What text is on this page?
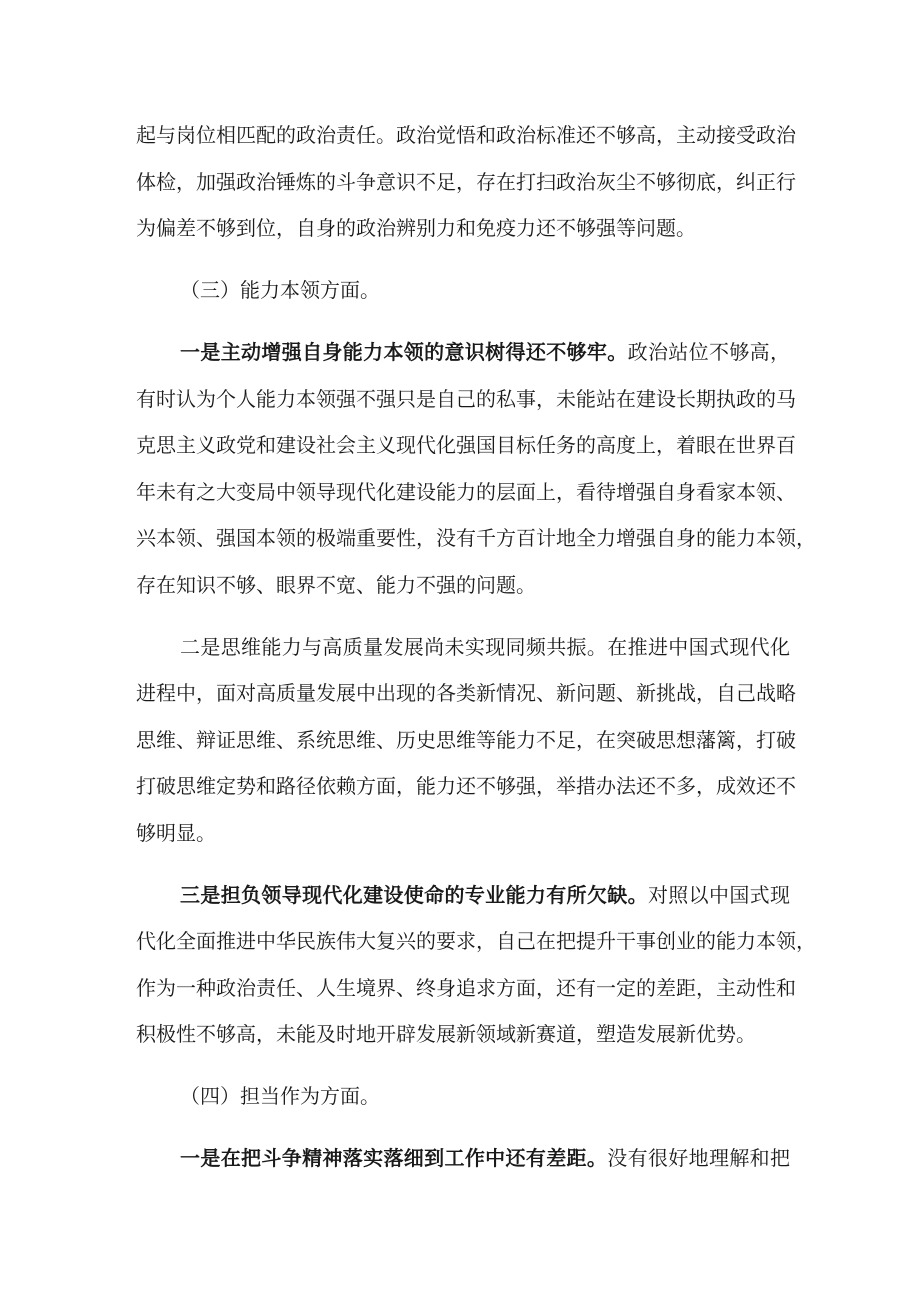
起与岗位相匹配的政治责任。政治觉悟和政治标准还不够高，主动接受政治
体检，加强政治锤炼的斗争意识不足，存在打扫政治灰尘不够彻底，纠正行
为偏差不够到位，自身的政治辨别力和免疫力还不够强等问题。
（三）能力本领方面。
一是主动增强自身能力本领的意识树得还不够牢。政治站位不够高，
有时认为个人能力本领强不强只是自己的私事，未能站在建设长期执政的马
克思主义政党和建设社会主义现代化强国目标任务的高度上，着眼在世界百
年未有之大变局中领导现代化建设能力的层面上，看待增强自身看家本领、
兴本领、强国本领的极端重要性，没有千方百计地全力增强自身的能力本领，
存在知识不够、眼界不宽、能力不强的问题。
二是思维能力与高质量发展尚未实现同频共振。在推进中国式现代化
进程中，面对高质量发展中出现的各类新情况、新问题、新挑战，自己战略
思维、辩证思维、系统思维、历史思维等能力不足，在突破思想藩篱，打破
打破思维定势和路径依赖方面，能力还不够强，举措办法还不多，成效还不
够明显。
三是担负领导现代化建设使命的专业能力有所欠缺。对照以中国式现
代化全面推进中华民族伟大复兴的要求，自己在把提升干事创业的能力本领，
作为一种政治责任、人生境界、终身追求方面，还有一定的差距，主动性和
积极性不够高，未能及时地开辟发展新领域新赛道，塑造发展新优势。
（四）担当作为方面。
一是在把斗争精神落实落细到工作中还有差距。没有很好地理解和把
